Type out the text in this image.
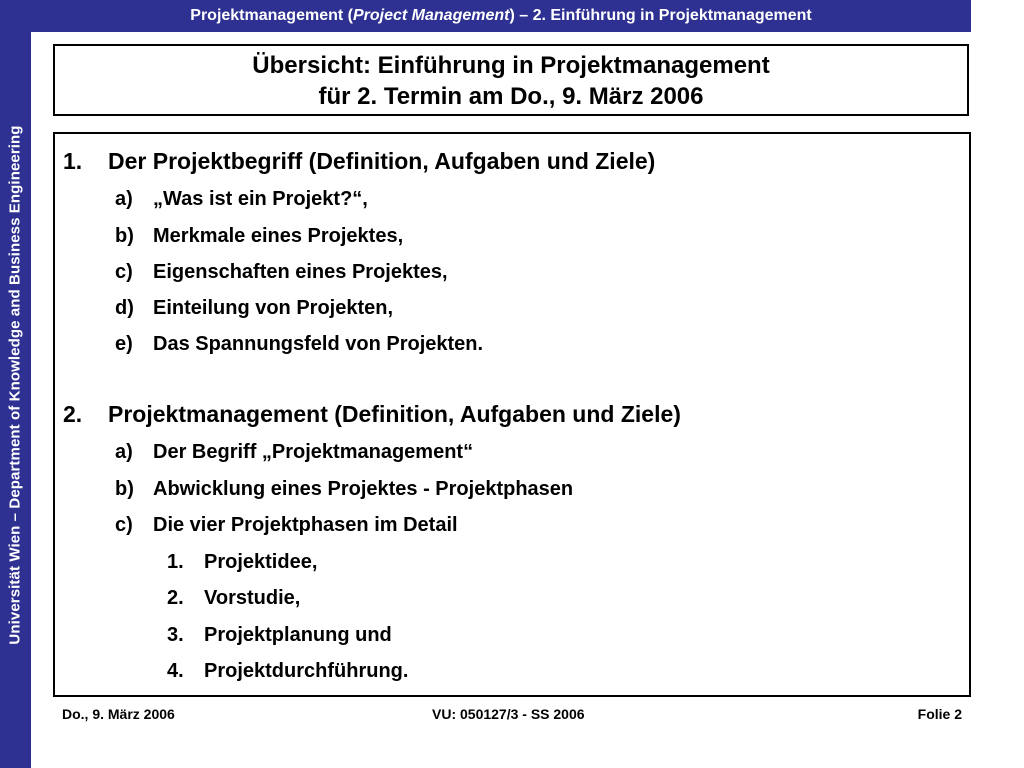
Universität Wien – Department of Knowledge and Business Engineering
Projektmanagement (Project Management) – 2. Einführung in Projektmanagement
Übersicht: Einführung in Projektmanagement
für 2. Termin am Do., 9. März 2006
1. Der Projektbegriff (Definition, Aufgaben und Ziele)
a) „Was ist ein Projekt?“,
b) Merkmale eines Projektes,
c) Eigenschaften eines Projektes,
d) Einteilung von Projekten,
e) Das Spannungsfeld von Projekten.
2. Projektmanagement (Definition, Aufgaben und Ziele)
a) Der Begriff „Projektmanagement“
b) Abwicklung eines Projektes - Projektphasen
c) Die vier Projektphasen im Detail
1. Projektidee,
2. Vorstudie,
3. Projektplanung und
4. Projektdurchführung.
Do., 9. März 2006	VU: 050127/3 - SS 2006	Folie 2
